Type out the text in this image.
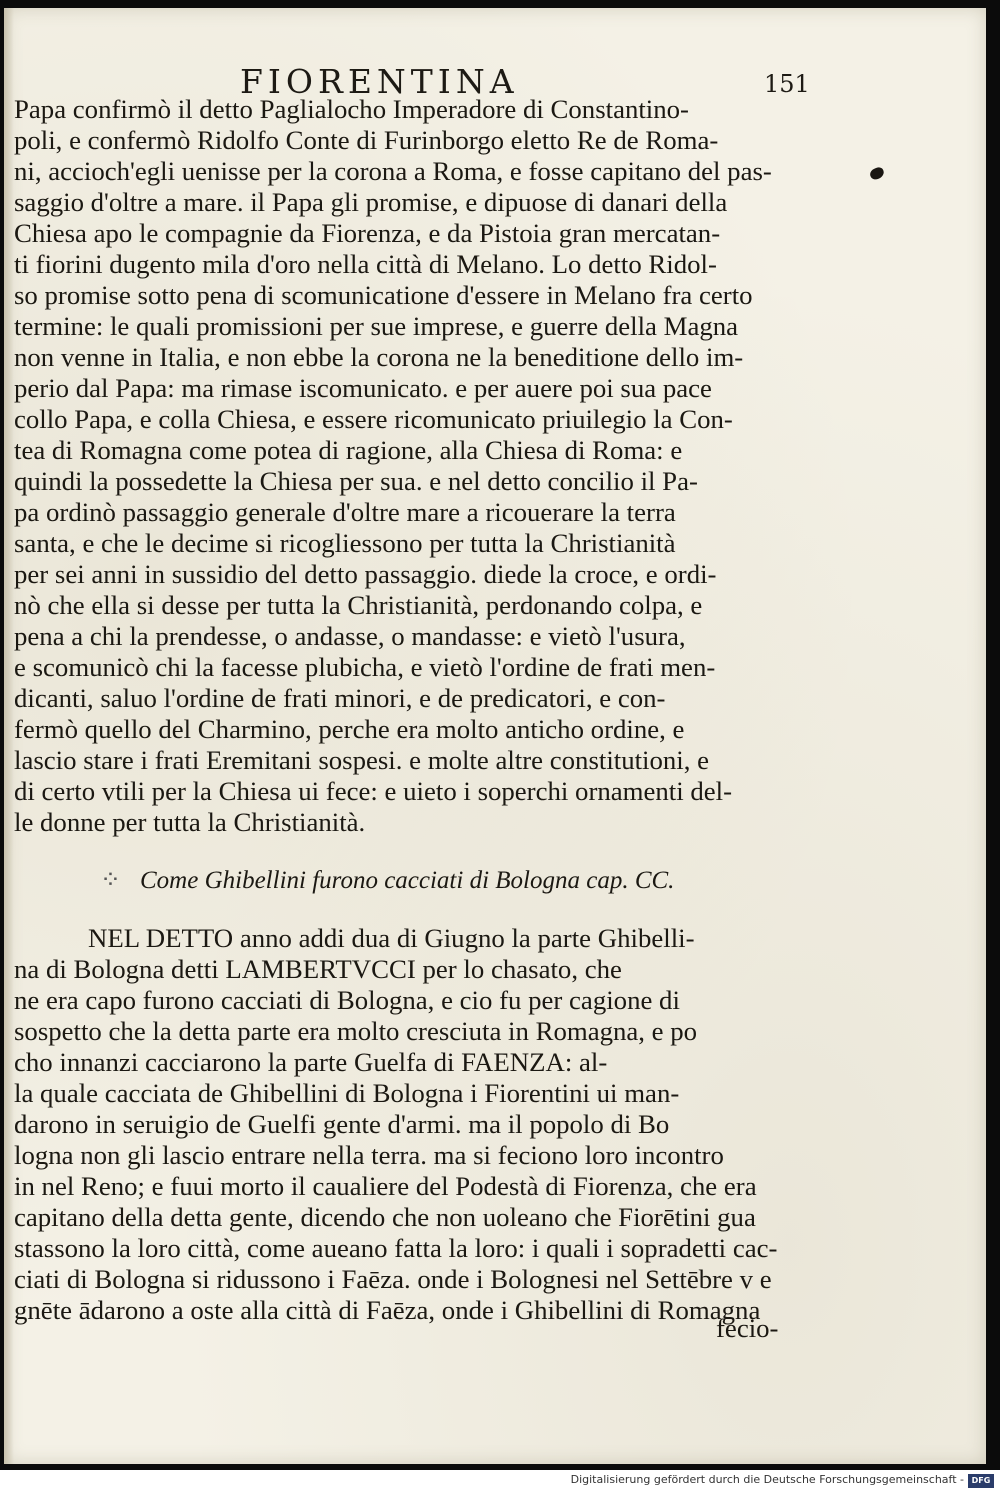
FIORENTINA	151
Papa confirmò il detto Paglialocho Imperadore di Constantino-
poli, e confermò Ridolfo Conte di Furinborgo eletto Re de Roma-
ni, accioch'egli uenisse per la corona a Roma, e fosse capitano del pas-
saggio d'oltre a mare. il Papa gli promise, e dipuose di danari della
Chiesa apo le compagnie da Fiorenza, e da Pistoia gran mercatan-
ti fiorini dugento mila d'oro nella città di Melano. Lo detto Ridol-
so promise sotto pena di scomunicatione d'essere in Melano fra certo
termine: le quali promissioni per sue imprese, e guerre della Magna
non venne in Italia, e non ebbe la corona ne la beneditione dello im-
perio dal Papa: ma rimase iscomunicato. e per auere poi sua pace
collo Papa, e colla Chiesa, e essere ricomunicato priuilegio la Con-
tea di Romagna come potea di ragione, alla Chiesa di Roma: e
quindi la possedette la Chiesa per sua. e nel detto concilio il Pa-
pa ordinò passaggio generale d'oltre mare a ricouerare la terra
santa, e che le decime si ricogliessono per tutta la Christianità
per sei anni in sussidio del detto passaggio. diede la croce, e ordi-
nò che ella si desse per tutta la Christianità, perdonando colpa, e
pena a chi la prendesse, o andasse, o mandasse: e vietò l'usura,
e scomunicò chi la facesse plubicha, e vietò l'ordine de frati men-
dicanti, saluo l'ordine de frati minori, e de predicatori, e con-
fermò quello del Charmino, perche era molto anticho ordine, e
lascio stare i frati Eremitani sospesi. e molte altre constitutioni, e
di certo vtili per la Chiesa ui fece: e uieto i soperchi ornamenti del-
le donne per tutta la Christianità.
⁘ Come Ghibellini furono cacciati di Bologna cap. CC.
NEL DETTO anno addi dua di Giugno la parte Ghibelli-
na di Bologna detti LAMBERTVCCI per lo chasato, che
ne era capo furono cacciati di Bologna, e cio fu per cagione di
sospetto che la detta parte era molto cresciuta in Romagna, e po
cho innanzi cacciarono la parte Guelfa di FAENZA: al-
la quale cacciata de Ghibellini di Bologna i Fiorentini ui man-
darono in seruigio de Guelfi gente d'armi. ma il popolo di Bo
logna non gli lascio entrare nella terra. ma si feciono loro incontro
in nel Reno; e fuui morto il caualiere del Podestà di Fiorenza, che era
capitano della detta gente, dicendo che non uoleano che Fiorētini gua
stassono la loro città, come aueano fatta la loro: i quali i sopradetti cac-
ciati di Bologna si ridussono i Faēza. onde i Bolognesi nel Settēbre v e
gnēte ādarono a oste alla città di Faēza, onde i Ghibellini di Romagna
fecio-
Digitalisierung gefördert durch die Deutsche Forschungsgemeinschaft - DFG
